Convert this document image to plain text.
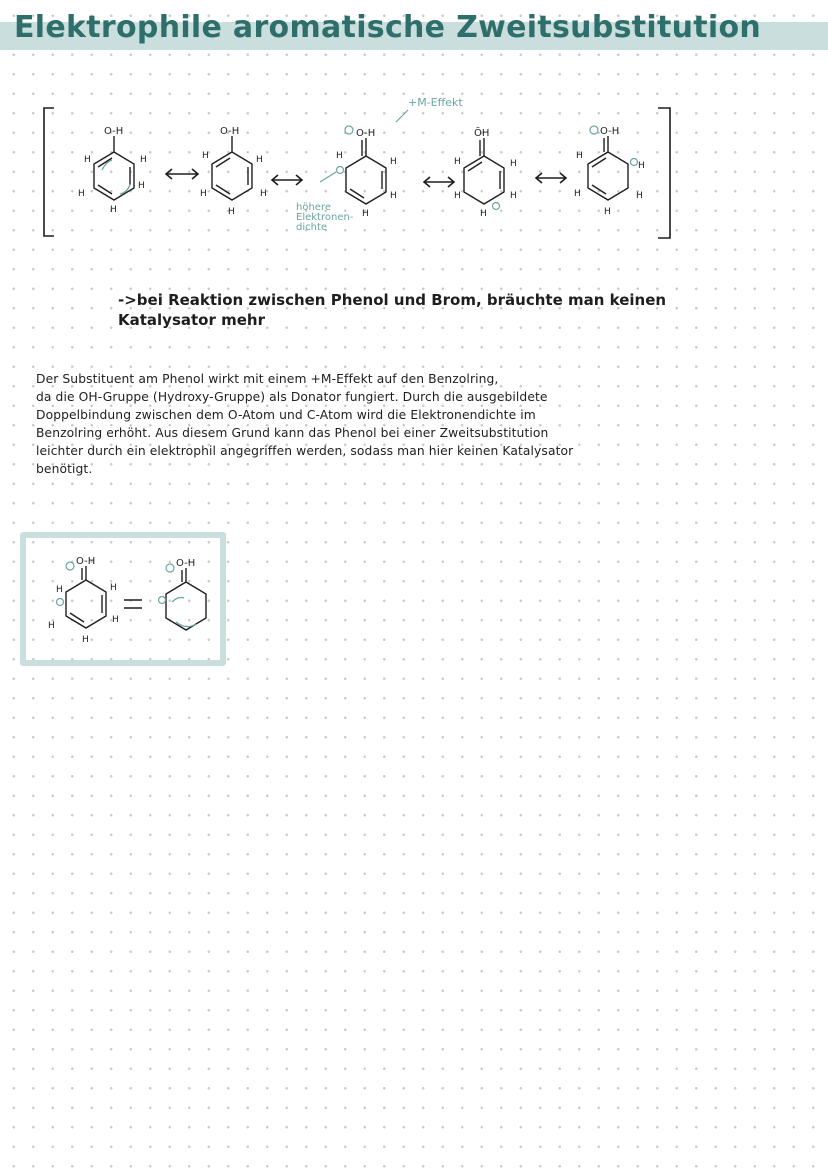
Elektrophile aromatische Zweitsubstitution
O-H	O-H	O-H	ŌH	O-H
H	H
H
H
H
H	H
H	H
H
H
H
H
H
H	H
H	H
H
H
H
H	H
H
+M-Effekt
höhere Elektronen-dichte

->bei Reaktion zwischen Phenol und Brom, bräuchte man keinen Katalysator mehr

Der Substituent am Phenol wirkt mit einem +M-Effekt auf den Benzolring,
da die OH-Gruppe (Hydroxy-Gruppe) als Donator fungiert. Durch die ausgebildete
Doppelbindung zwischen dem O-Atom und C-Atom wird die Elektronendichte im
Benzolring erhöht. Aus diesem Grund kann das Phenol bei einer Zweitsubstitution
leichter durch ein elektrophil angegriffen werden, sodass man hier keinen Katalysator
benötigt.
O-H	O-H
H
H
H
H
H
